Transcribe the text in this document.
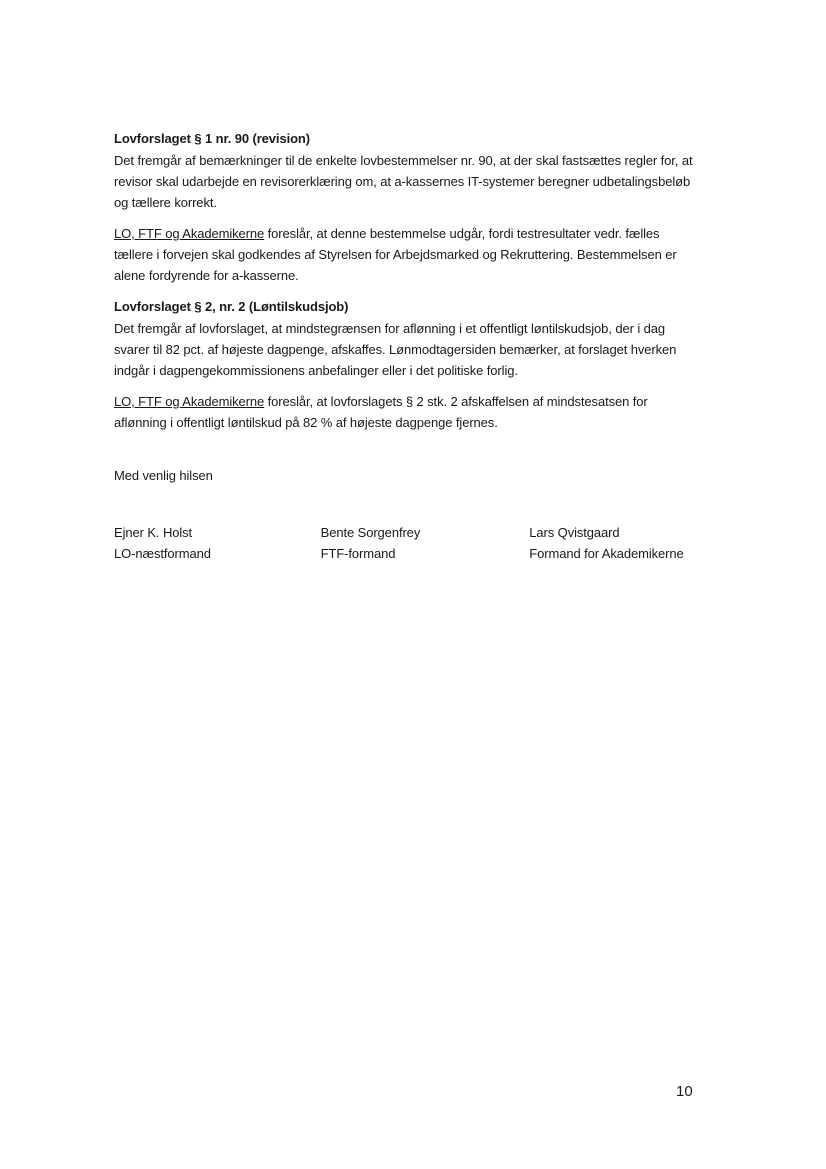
Lovforslaget § 1 nr. 90 (revision)

Det fremgår af bemærkninger til de enkelte lovbestemmelser nr. 90, at der skal fastsættes regler for, at revisor skal udarbejde en revisorerklæring om, at a-kassernes IT-systemer beregner udbetalingsbeløb og tællere korrekt.

LO, FTF og Akademikerne foreslår, at denne bestemmelse udgår, fordi testresultater vedr. fælles tællere i forvejen skal godkendes af Styrelsen for Arbejdsmarked og Rekruttering. Bestemmelsen er alene fordyrende for a-kasserne.

Lovforslaget § 2, nr. 2 (Løntilskudsjob)

Det fremgår af lovforslaget, at mindstegrænsen for aflønning i et offentligt løntilskudsjob, der i dag svarer til 82 pct. af højeste dagpenge, afskaffes. Lønmodtagersiden bemærker, at forslaget hverken indgår i dagpengekommissionens anbefalinger eller i det politiske forlig.

LO, FTF og Akademikerne foreslår, at lovforslagets § 2 stk. 2 afskaffelsen af mindstesatsen for aflønning i offentligt løntilskud på 82 % af højeste dagpenge fjernes.

Med venlig hilsen
Ejner K. Holst
LO-næstformand
Bente Sorgenfrey
FTF-formand
Lars Qvistgaard
Formand for Akademikerne
10
